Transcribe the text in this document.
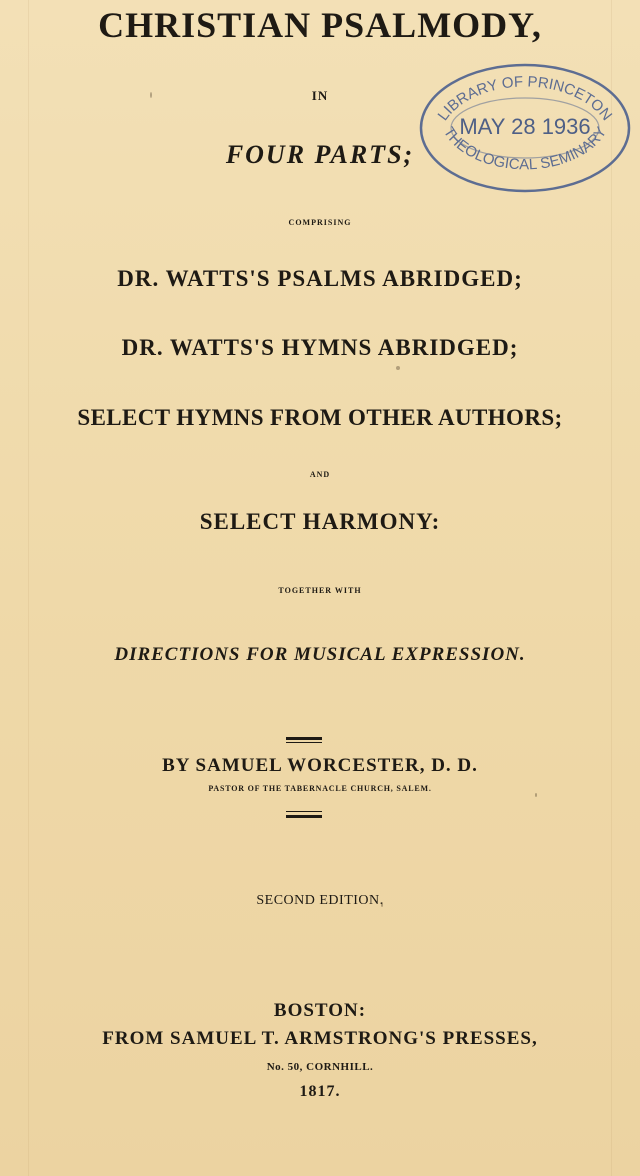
CHRISTIAN PSALMODY,
IN
FOUR PARTS;
COMPRISING
DR. WATTS'S PSALMS ABRIDGED;
DR. WATTS'S HYMNS ABRIDGED;
SELECT HYMNS FROM OTHER AUTHORS;
AND
SELECT HARMONY:
TOGETHER WITH
DIRECTIONS FOR MUSICAL EXPRESSION.
BY SAMUEL WORCESTER, D. D.
PASTOR OF THE TABERNACLE CHURCH, SALEM.
SECOND EDITION.
BOSTON:
FROM SAMUEL T. ARMSTRONG'S PRESSES,
No. 50, CORNHILL.
1817.
LIBRARY OF PRINCETON
THEOLOGICAL SEMINARY
MAY 28 1936
